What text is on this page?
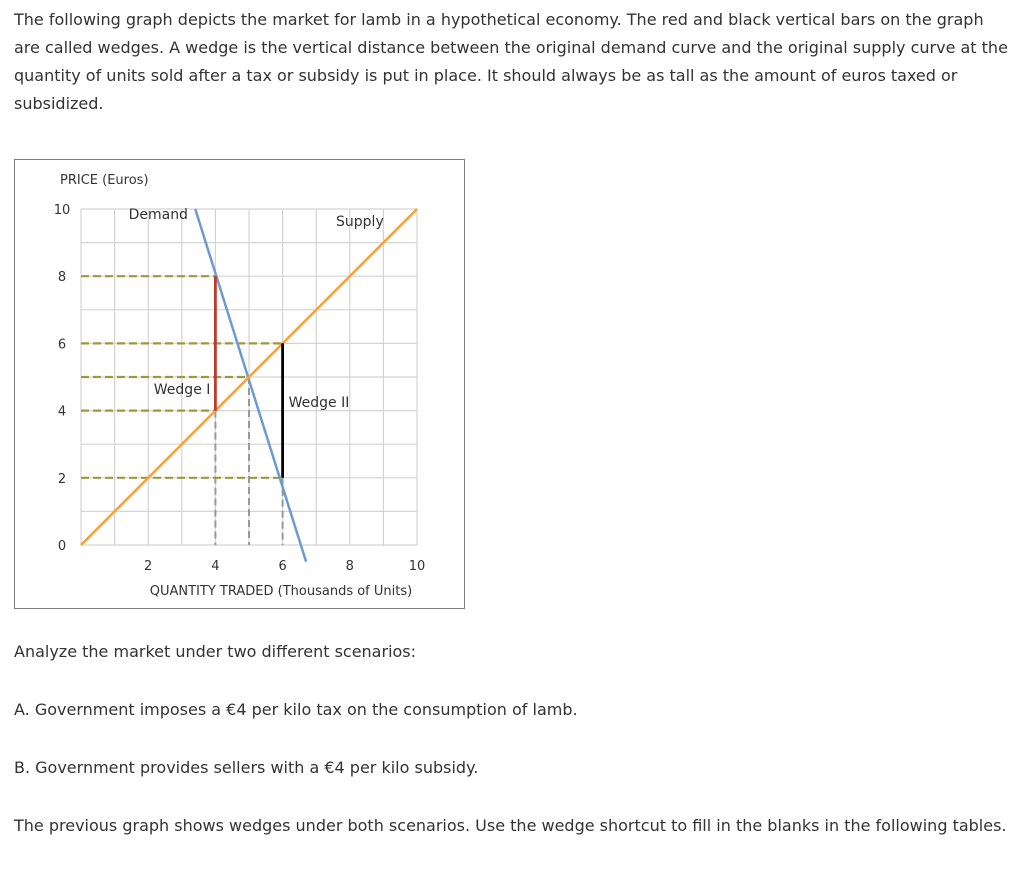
The following graph depicts the market for lamb in a hypothetical economy. The red and black vertical bars on the graph are called wedges. A wedge is the vertical distance between the original demand curve and the original supply curve at the quantity of units sold after a tax or subsidy is put in place. It should always be as tall as the amount of euros taxed or subsidized.

PRICE (Euros)
QUANTITY TRADED (Thousands of Units)
Demand	Supply
Wedge I
Wedge II
0
2
4
6
8
10
2	4	6	8	10

Analyze the market under two different scenarios:

A. Government imposes a €4 per kilo tax on the consumption of lamb.

B. Government provides sellers with a €4 per kilo subsidy.

The previous graph shows wedges under both scenarios. Use the wedge shortcut to fill in the blanks in the following tables.
